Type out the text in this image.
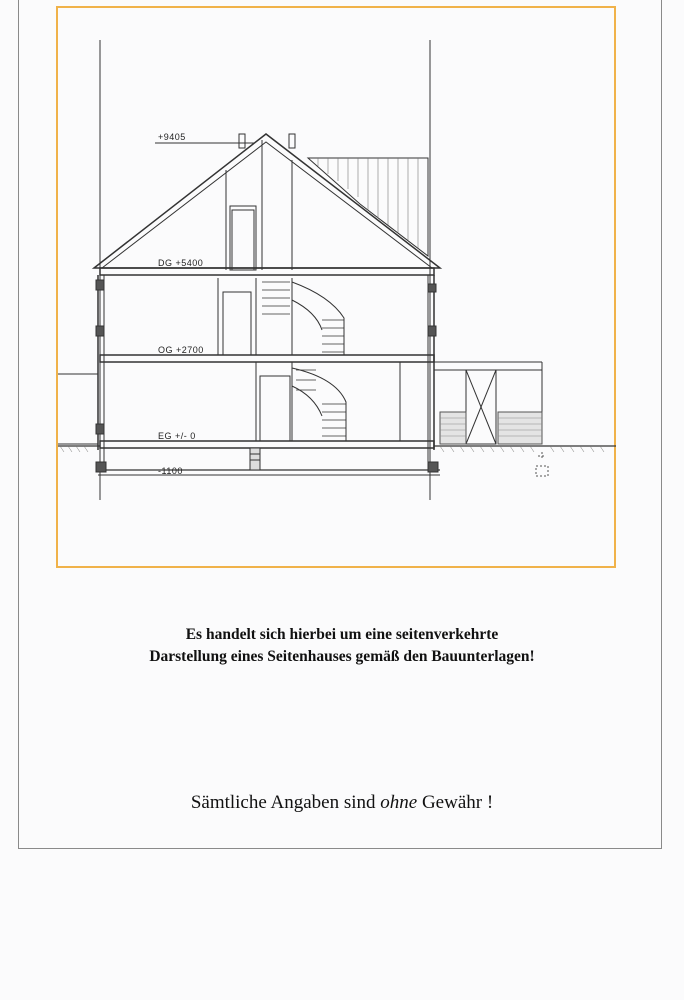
+9405
DG +5400
OG +2700
EG +/- 0
-1100
Es handelt sich hierbei um eine seitenverkehrte
Darstellung eines Seitenhauses gemäß den Bauunterlagen!
Sämtliche Angaben sind ohne Gewähr !
